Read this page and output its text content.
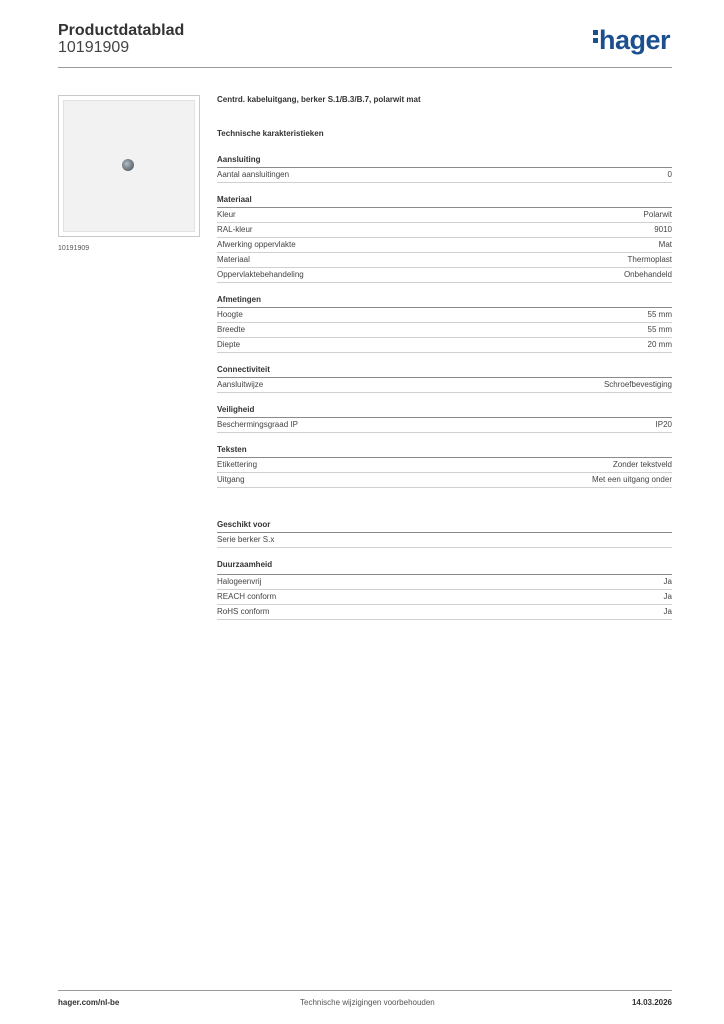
Productdatablad
10191909	hager
10191909
Centrd. kabeluitgang, berker S.1/B.3/B.7, polarwit mat
Technische karakteristieken
Aansluiting
Aantal aansluitingen	0
Materiaal
Kleur	Polarwit
RAL-kleur	9010
Afwerking oppervlakte	Mat
Materiaal	Thermoplast
Oppervlaktebehandeling	Onbehandeld
Afmetingen
Hoogte	55 mm
Breedte	55 mm
Diepte	20 mm
Connectiviteit
Aansluitwijze	Schroefbevestiging
Veiligheid
Beschermingsgraad IP	IP20
Teksten
Etikettering	Zonder tekstveld
Uitgang	Met een uitgang onder
Geschikt voor
Serie berker S.x
Duurzaamheid
Halogeenvrij	Ja
REACH conform	Ja
RoHS conform	Ja
hager.com/nl-be	Technische wijzigingen voorbehouden	14.03.2026
